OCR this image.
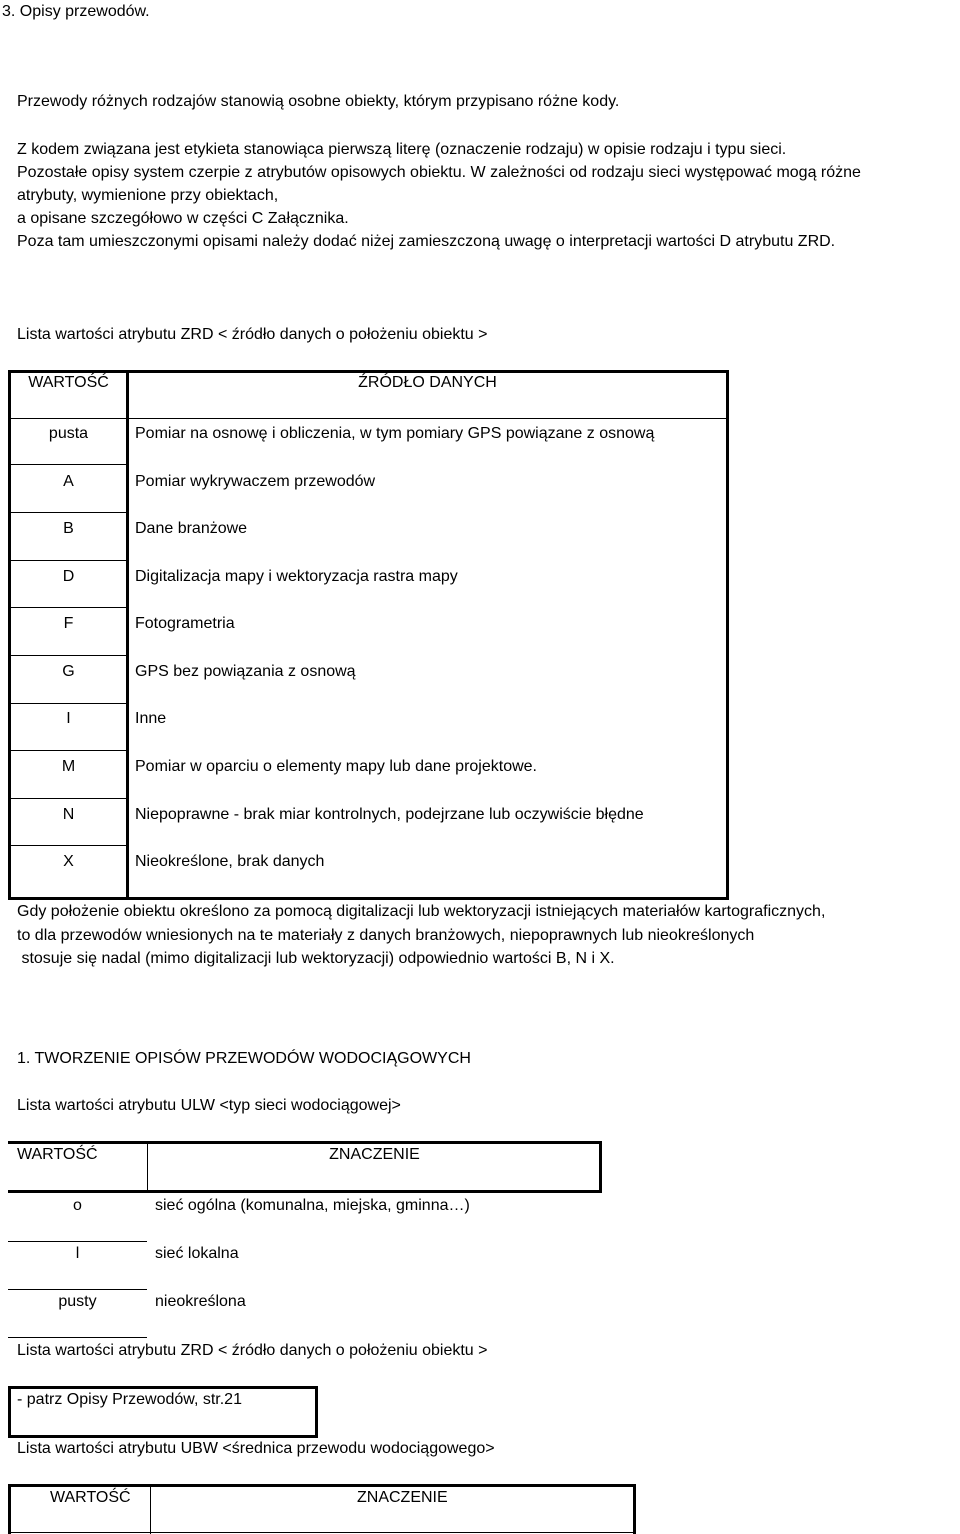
3. Opisy przewodów.
Przewody różnych rodzajów stanowią osobne obiekty, którym przypisano różne kody.
Z kodem związana jest etykieta stanowiąca pierwszą literę (oznaczenie rodzaju) w opisie rodzaju i typu sieci.
Pozostałe opisy system czerpie z atrybutów opisowych obiektu. W zależności od rodzaju sieci występować mogą różne
atrybuty, wymienione przy obiektach,
a opisane szczegółowo w części C Załącznika.
Poza tam umieszczonymi opisami należy dodać niżej zamieszczoną uwagę o interpretacji wartości D atrybutu ZRD.
Lista wartości atrybutu ZRD < źródło danych o położeniu obiektu >
WARTOŚĆ	ŹRÓDŁO DANYCH
pusta	Pomiar na osnowę i obliczenia, w tym pomiary GPS powiązane z osnową
A	Pomiar wykrywaczem przewodów
B	Dane branżowe
D	Digitalizacja mapy i wektoryzacja rastra mapy
F	Fotogrametria
G	GPS bez powiązania z osnową
I	Inne
M	Pomiar w oparciu o elementy mapy lub dane projektowe.
N	Niepoprawne - brak miar kontrolnych, podejrzane lub oczywiście błędne
X	Nieokreślone, brak danych
Gdy położenie obiektu określono za pomocą digitalizacji lub wektoryzacji istniejących materiałów kartograficznych,
to dla przewodów wniesionych na te materiały z danych branżowych, niepoprawnych lub nieokreślonych
stosuje się nadal (mimo digitalizacji lub wektoryzacji) odpowiednio wartości B, N i X.
1. TWORZENIE OPISÓW PRZEWODÓW WODOCIĄGOWYCH
Lista wartości atrybutu ULW <typ sieci wodociągowej>
WARTOŚĆ	ZNACZENIE
o	sieć ogólna (komunalna, miejska, gminna…)
l	sieć lokalna
pusty	nieokreślona
Lista wartości atrybutu ZRD < źródło danych o położeniu obiektu >
- patrz Opisy Przewodów, str.21
Lista wartości atrybutu UBW <średnica przewodu wodociągowego>
WARTOŚĆ	ZNACZENIE
